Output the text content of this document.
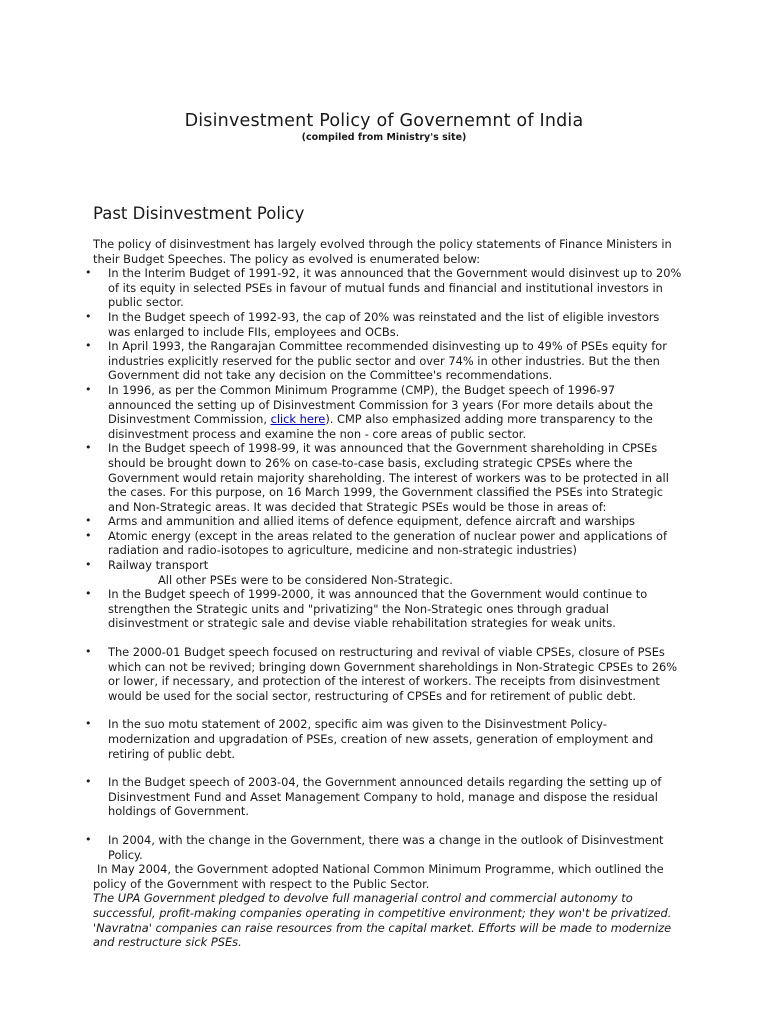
Disinvestment Policy of Governemnt of India
(compiled from Ministry's site)
Past Disinvestment Policy
The policy of disinvestment has largely evolved through the policy statements of Finance Ministers in their Budget Speeches. The policy as evolved is enumerated below:
• In the Interim Budget of 1991-92, it was announced that the Government would disinvest up to 20% of its equity in selected PSEs in favour of mutual funds and financial and institutional investors in public sector.
• In the Budget speech of 1992-93, the cap of 20% was reinstated and the list of eligible investors was enlarged to include FIIs, employees and OCBs.
• In April 1993, the Rangarajan Committee recommended disinvesting up to 49% of PSEs equity for industries explicitly reserved for the public sector and over 74% in other industries. But the then Government did not take any decision on the Committee's recommendations.
• In 1996, as per the Common Minimum Programme (CMP), the Budget speech of 1996-97 announced the setting up of Disinvestment Commission for 3 years (For more details about the Disinvestment Commission, click here). CMP also emphasized adding more transparency to the disinvestment process and examine the non - core areas of public sector.
• In the Budget speech of 1998-99, it was announced that the Government shareholding in CPSEs should be brought down to 26% on case-to-case basis, excluding strategic CPSEs where the Government would retain majority shareholding. The interest of workers was to be protected in all the cases. For this purpose, on 16 March 1999, the Government classified the PSEs into Strategic and Non-Strategic areas. It was decided that Strategic PSEs would be those in areas of:
• Arms and ammunition and allied items of defence equipment, defence aircraft and warships
• Atomic energy (except in the areas related to the generation of nuclear power and applications of radiation and radio-isotopes to agriculture, medicine and non-strategic industries)
• Railway transport
All other PSEs were to be considered Non-Strategic.
• In the Budget speech of 1999-2000, it was announced that the Government would continue to strengthen the Strategic units and "privatizing" the Non-Strategic ones through gradual disinvestment or strategic sale and devise viable rehabilitation strategies for weak units.
• The 2000-01 Budget speech focused on restructuring and revival of viable CPSEs, closure of PSEs which can not be revived; bringing down Government shareholdings in Non-Strategic CPSEs to 26% or lower, if necessary, and protection of the interest of workers. The receipts from disinvestment would be used for the social sector, restructuring of CPSEs and for retirement of public debt.
• In the suo motu statement of 2002, specific aim was given to the Disinvestment Policy- modernization and upgradation of PSEs, creation of new assets, generation of employment and retiring of public debt.
• In the Budget speech of 2003-04, the Government announced details regarding the setting up of Disinvestment Fund and Asset Management Company to hold, manage and dispose the residual holdings of Government.
• In 2004, with the change in the Government, there was a change in the outlook of Disinvestment Policy.
In May 2004, the Government adopted National Common Minimum Programme, which outlined the policy of the Government with respect to the Public Sector.
The UPA Government pledged to devolve full managerial control and commercial autonomy to successful, profit-making companies operating in competitive environment; they won't be privatized. 'Navratna' companies can raise resources from the capital market. Efforts will be made to modernize and restructure sick PSEs.
